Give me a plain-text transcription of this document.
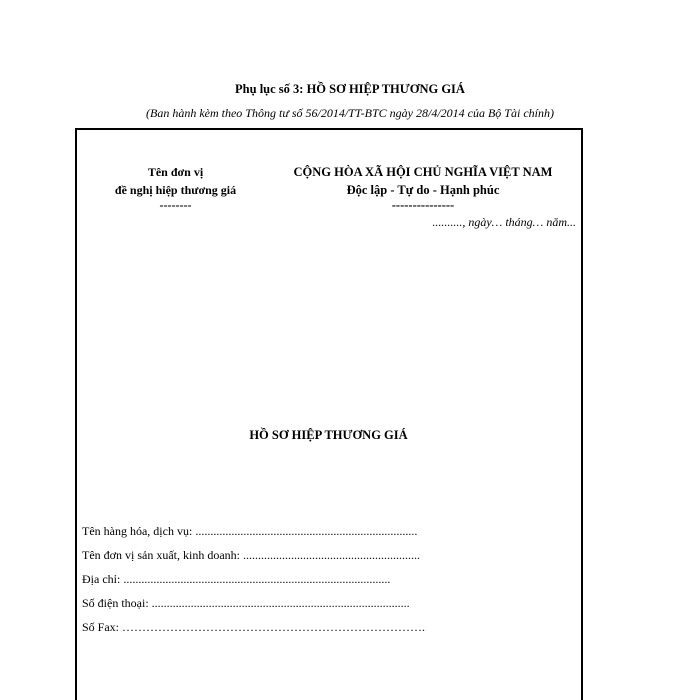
Phụ lục số 3: HỒ SƠ HIỆP THƯƠNG GIÁ
(Ban hành kèm theo Thông tư số 56/2014/TT-BTC ngày 28/4/2014 của Bộ Tài chính)
Tên đơn vị
đề nghị hiệp thương giá
--------
CỘNG HÒA XÃ HỘI CHỦ NGHĨA VIỆT NAM
Độc lập - Tự do - Hạnh phúc
---------------
.........., ngày… tháng… năm...
HỒ SƠ HIỆP THƯƠNG GIÁ
Tên hàng hóa, dịch vụ: ..........................................................................
Tên đơn vị sản xuất, kinh doanh: ...........................................................
Địa chỉ: .........................................................................................
Số điện thoại: ......................................................................................
Số Fax: ………………………………………………………………….
